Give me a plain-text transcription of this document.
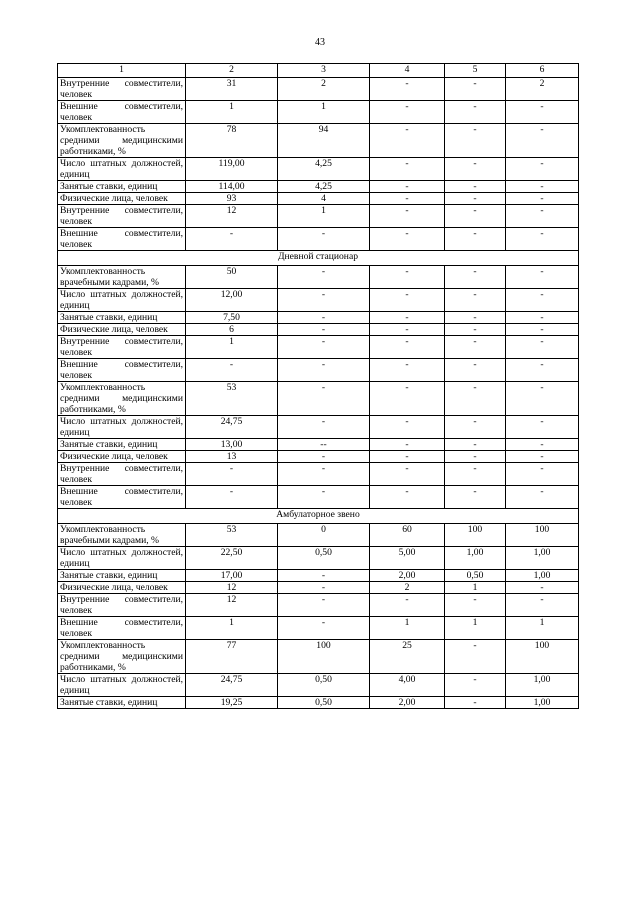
43
1	2	3	4	5	6
Внутренние совместители, человек	31	2	-	-	2
Внешние совместители, человек	1	1	-	-	-
Укомплектованность средними медицинскими работниками, %	78	94	-	-	-
Число штатных должностей, единиц	119,00	4,25	-	-	-
Занятые ставки, единиц	114,00	4,25	-	-	-
Физические лица, человек	93	4	-	-	-
Внутренние совместители, человек	12	1	-	-	-
Внешние совместители, человек	-	-	-	-	-
Дневной стационар					
Укомплектованность врачебными кадрами, %	50	-	-	-	-
Число штатных должностей, единиц	12,00	-	-	-	-
Занятые ставки, единиц	7,50	-	-	-	-
Физические лица, человек	6	-	-	-	-
Внутренние совместители, человек	1	-	-	-	-
Внешние совместители, человек	-	-	-	-	-
Укомплектованность средними медицинскими работниками, %	53	-	-	-	-
Число штатных должностей, единиц	24,75	-	-	-	-
Занятые ставки, единиц	13,00	--	-	-	-
Физические лица, человек	13	-	-	-	-
Внутренние совместители, человек	-	-	-	-	-
Внешние совместители, человек	-	-	-	-	-
Амбулаторное звено					
Укомплектованность врачебными кадрами, %	53	0	60	100	100
Число штатных должностей, единиц	22,50	0,50	5,00	1,00	1,00
Занятые ставки, единиц	17,00	-	2,00	0,50	1,00
Физические лица, человек	12	-	2	1	-
Внутренние совместители, человек	12	-	-	-	-
Внешние совместители, человек	1	-	1	1	1
Укомплектованность средними медицинскими работниками, %	77	100	25	-	100
Число штатных должностей, единиц	24,75	0,50	4,00	-	1,00
Занятые ставки, единиц	19,25	0,50	2,00	-	1,00
